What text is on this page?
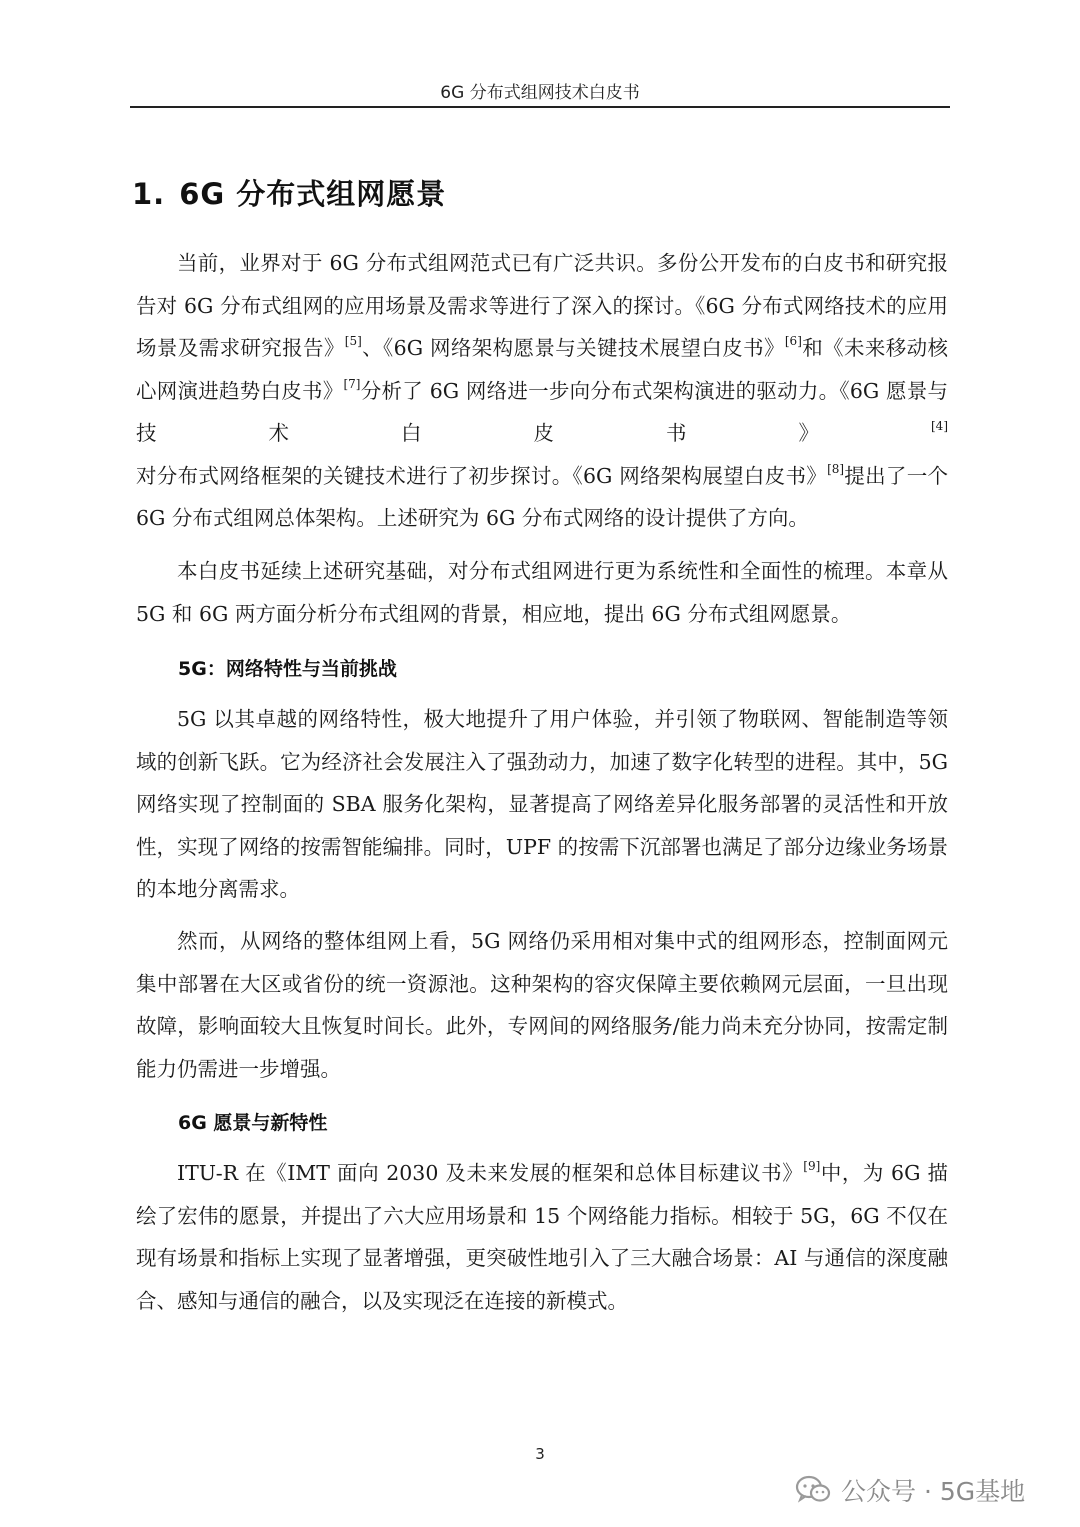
6G 分布式组网技术白皮书
1. 6G 分布式组网愿景

当前，业界对于 6G 分布式组网范式已有广泛共识。多份公开发布的白皮书和研究报告对 6G 分布式组网的应用场景及需求等进行了深入的探讨。《6G 分布式网络技术的应用场景及需求研究报告》[5]、《6G 网络架构愿景与关键技术展望白皮书》[6]和《未来移动核心网演进趋势白皮书》[7]分析了 6G 网络进一步向分布式架构演进的驱动力。《6G 愿景与技术白皮书》[4]对分布式网络框架的关键技术进行了初步探讨。《6G 网络架构展望白皮书》[8]提出了一个 6G 分布式组网总体架构。上述研究为 6G 分布式网络的设计提供了方向。

本白皮书延续上述研究基础，对分布式组网进行更为系统性和全面性的梳理。本章从 5G 和 6G 两方面分析分布式组网的背景，相应地，提出 6G 分布式组网愿景。

5G：网络特性与当前挑战

5G 以其卓越的网络特性，极大地提升了用户体验，并引领了物联网、智能制造等领域的创新飞跃。它为经济社会发展注入了强劲动力，加速了数字化转型的进程。其中，5G 网络实现了控制面的 SBA 服务化架构，显著提高了网络差异化服务部署的灵活性和开放性，实现了网络的按需智能编排。同时，UPF 的按需下沉部署也满足了部分边缘业务场景的本地分离需求。

然而，从网络的整体组网上看，5G 网络仍采用相对集中式的组网形态，控制面网元集中部署在大区或省份的统一资源池。这种架构的容灾保障主要依赖网元层面，一旦出现故障，影响面较大且恢复时间长。此外，专网间的网络服务/能力尚未充分协同，按需定制能力仍需进一步增强。

6G 愿景与新特性

ITU-R 在《IMT 面向 2030 及未来发展的框架和总体目标建议书》[9]中，为 6G 描绘了宏伟的愿景，并提出了六大应用场景和 15 个网络能力指标。相较于 5G，6G 不仅在现有场景和指标上实现了显著增强，更突破性地引入了三大融合场景：AI 与通信的深度融合、感知与通信的融合，以及实现泛在连接的新模式。

3
公众号 · 5G基地
